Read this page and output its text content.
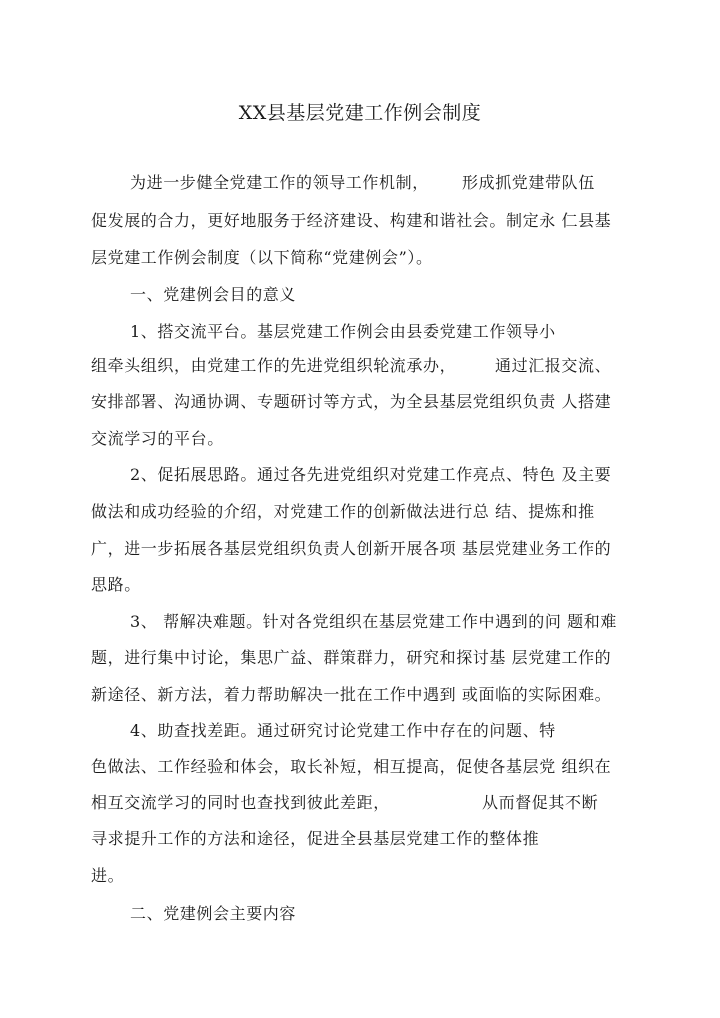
XX县基层党建工作例会制度
为进一步健全党建工作的领导工作机制， 形成抓党建带队伍
促发展的合力，更好地服务于经济建设、构建和谐社会。制定永 仁县基
层党建工作例会制度（以下简称“党建例会”）。
一、党建例会目的意义
1、搭交流平台。基层党建工作例会由县委党建工作领导小
组牵头组织，由党建工作的先进党组织轮流承办， 通过汇报交流、
安排部署、沟通协调、专题研讨等方式，为全县基层党组织负责 人搭建
交流学习的平台。
2、促拓展思路。通过各先进党组织对党建工作亮点、特色 及主要
做法和成功经验的介绍，对党建工作的创新做法进行总 结、提炼和推
广，进一步拓展各基层党组织负责人创新开展各项 基层党建业务工作的
思路。
3、 帮解决难题。针对各党组织在基层党建工作中遇到的问 题和难
题，进行集中讨论，集思广益、群策群力，研究和探讨基 层党建工作的
新途径、新方法，着力帮助解决一批在工作中遇到 或面临的实际困难。
4、助查找差距。通过研究讨论党建工作中存在的问题、特
色做法、工作经验和体会，取长补短，相互提高，促使各基层党 组织在
相互交流学习的同时也查找到彼此差距，	从而督促其不断
寻求提升工作的方法和途径，促进全县基层党建工作的整体推
进。
二、党建例会主要内容
